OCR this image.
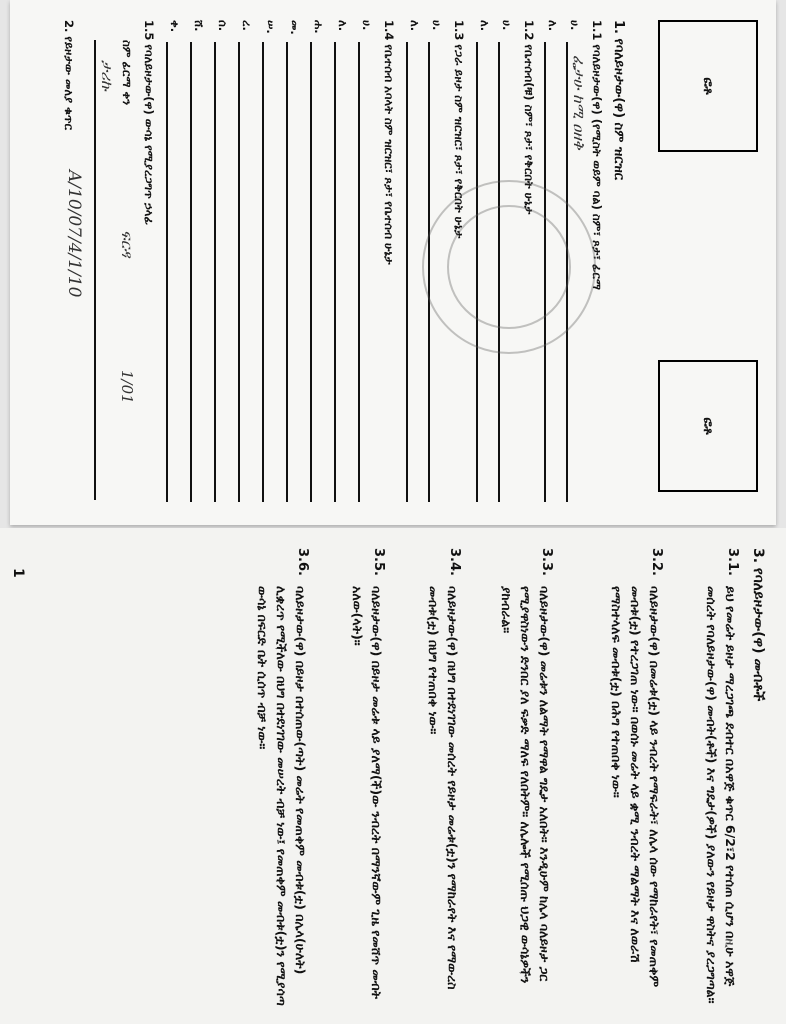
ፎቶ
ፎቶ
1. የባለይዞታው(ዋ) ስም ዝርዝር
1.1 የባለይዞታው(ዋ) (የሚስት ወይም ባል) ስም፣ ጾታ፣ ፊርማ
ሀ.
ፌታሁ ከሚ ዐዘቅ
ለ.
1.2 የቤተሰብ(ቹ) ስም፣ ጾታ፣ የቅርበት ሁኔታ
ሀ.
ለ.
1.3 የጋራ ይዞታ ስም ዝርዝር፣ ጾታ፣ የቅርበት ሁኔታ
ሀ.
ለ.
1.4 የቤተሰብ አባላት ስም ዝርዝር፣ ጾታ፣ የቤተሰብ ሁኔታ
ሀ.
ለ.
ሐ.
መ.
ሠ.
ረ.
ሰ.
ሸ.
ቀ.
1.5 የባለይዞታው(ዋ) ውሳኔ የሚያረጋግጥ ኃላፊ
ስም ፊርማ ቀን
ታሪኩ
ፍርዳ
1/01
2. የይዞታው መለያ ቁጥር
A/10/07/4/1/10
3. የባለይዞታው(ዋ) መብቶች
3.1.
ይህ የመሬት ይዞታ ማረጋገጫ ደብተር በአዋጅ ቁጥር 6/2፣2 የተሰጠ ሲሆን በዚሁ አዋጅ መሰረት የባለይዞታው(ዋ) መብት(ቶች) እና ግዴታ(ዎች) ያለውን የይዞታ ዋስትና ያረጋግጣል።
3.2.
ባለይዞታው(ዋ) በመሬቱ(ቷ) ላይ ንብረት የማፍራት፣ ለሌላ ሰው የማከራየት፣ የመጠቀም መብቱ(ቷ) የተረጋገጠ ነው። በወሰኑ መሬት ላይ ቋሚ ንብረት ማልማት እና ለወራሽ የማስተላለፍ መብቱ(ቷ) በሕግ የተጠበቀ ነው።
3.3.
ባለይዞታው(ዋ) መሬቱን ለልማት የማዋል ግዴታ አለበት። እንዲሁም ከሌላ ባለይዞታ ጋር የሚያዋስነውን ድንበር ያለ ፍቃድ ማለፍ የለበትም። ለሌሎች የሚሰጡ ህጋዊ ውሳኔዎችን ያከብራል።
3.4.
ባለይዞታው(ዋ) በህግ በተደነገገው መሰረት የይዞታ መሬቱ(ቷ)ን የማከራየት እና የማውረስ መብቱ(ቷ) በህግ የተጠበቀ ነው።
3.5.
ባለይዞታው(ዋ) በይዞታ መሬቱ ላይ ያለማ(ች)ው ንብረት በማንኛውም ጊዜ የመሸጥ መብት አለው(ላት)።
3.6.
ባለይዞታው(ዋ) በይዞታ በተሰጠው(ጣት) መሬት የመጠቀም መብቱ(ቷ) በሌላ(ሁለት) ሊቋረጥ የሚችለው በህግ በተደነገገው መሠረት ብቻ ነው፤ የመጠቀም መብቱ(ቷ)ን የሚያሳጣ ውሳኔ በፍርድ ቤት ሲሰጥ ብቻ ነው።
1
